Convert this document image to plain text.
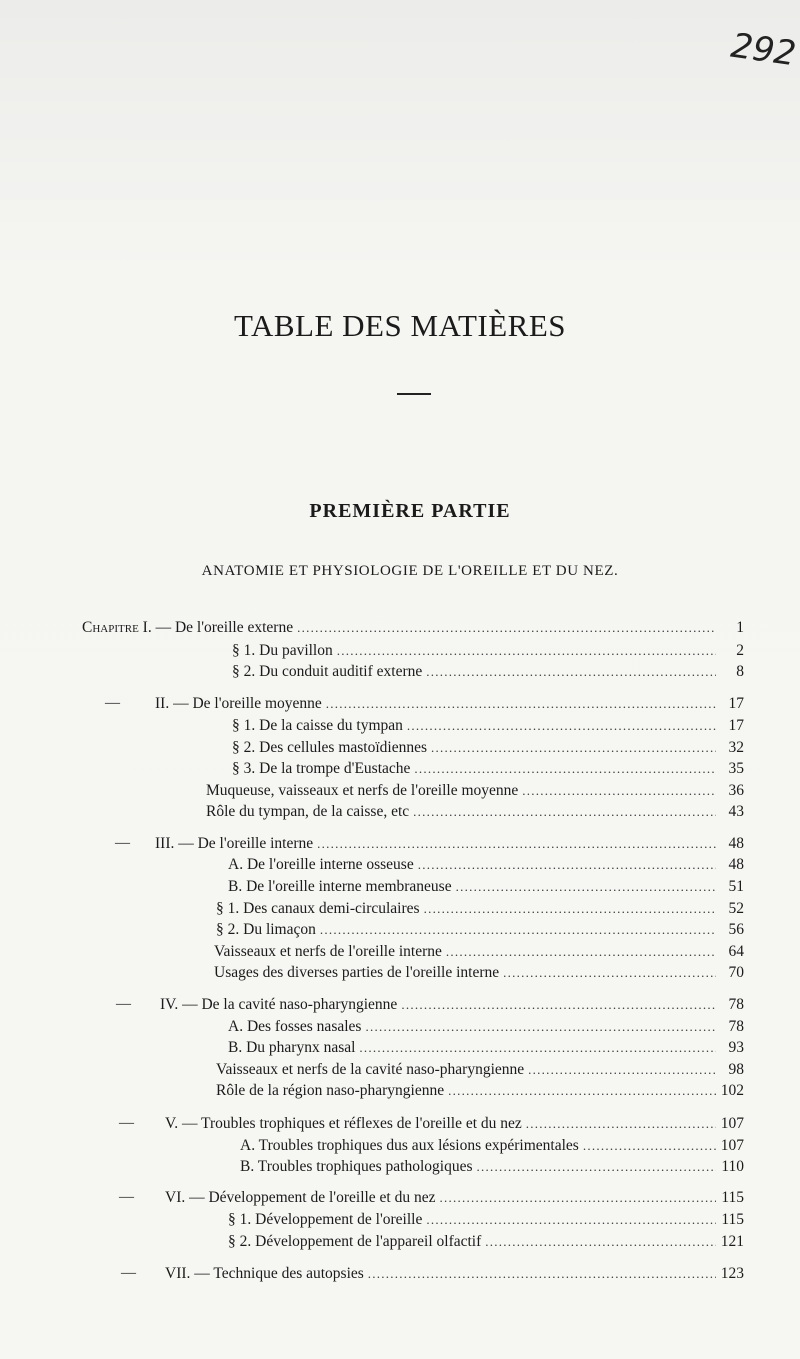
292
TABLE DES MATIÈRES
PREMIÈRE PARTIE
ANATOMIE ET PHYSIOLOGIE DE L'OREILLE ET DU NEZ.
Chapitre I. — De l'oreille externe . . .	1
§ 1. Du pavillon . . .	2
§ 2. Du conduit auditif externe . . .	8
— II. — De l'oreille moyenne . . .	17
§ 1. De la caisse du tympan . . .	17
§ 2. Des cellules mastoïdiennes . . .	32
§ 3. De la trompe d'Eustache . . .	35
Muqueuse, vaisseaux et nerfs de l'oreille moyenne . . .	36
Rôle du tympan, de la caisse, etc . . .	43
— III. — De l'oreille interne . . .	48
A. De l'oreille interne osseuse . . .	48
B. De l'oreille interne membraneuse . . .	51
§ 1. Des canaux demi-circulaires . . .	52
§ 2. Du limaçon . . .	56
Vaisseaux et nerfs de l'oreille interne . . .	64
Usages des diverses parties de l'oreille interne . . .	70
— IV. — De la cavité naso-pharyngienne . . .	78
A. Des fosses nasales . . .	78
B. Du pharynx nasal . . .	93
Vaisseaux et nerfs de la cavité naso-pharyngienne . . .	98
Rôle de la région naso-pharyngienne . . .	102
— V. — Troubles trophiques et réflexes de l'oreille et du nez . . .	107
A. Troubles trophiques dus aux lésions expérimentales . . .	107
B. Troubles trophiques pathologiques . . .	110
— VI. — Développement de l'oreille et du nez . . .	115
§ 1. Développement de l'oreille . . .	115
§ 2. Développement de l'appareil olfactif . . .	121
— VII. — Technique des autopsies . . .	123
